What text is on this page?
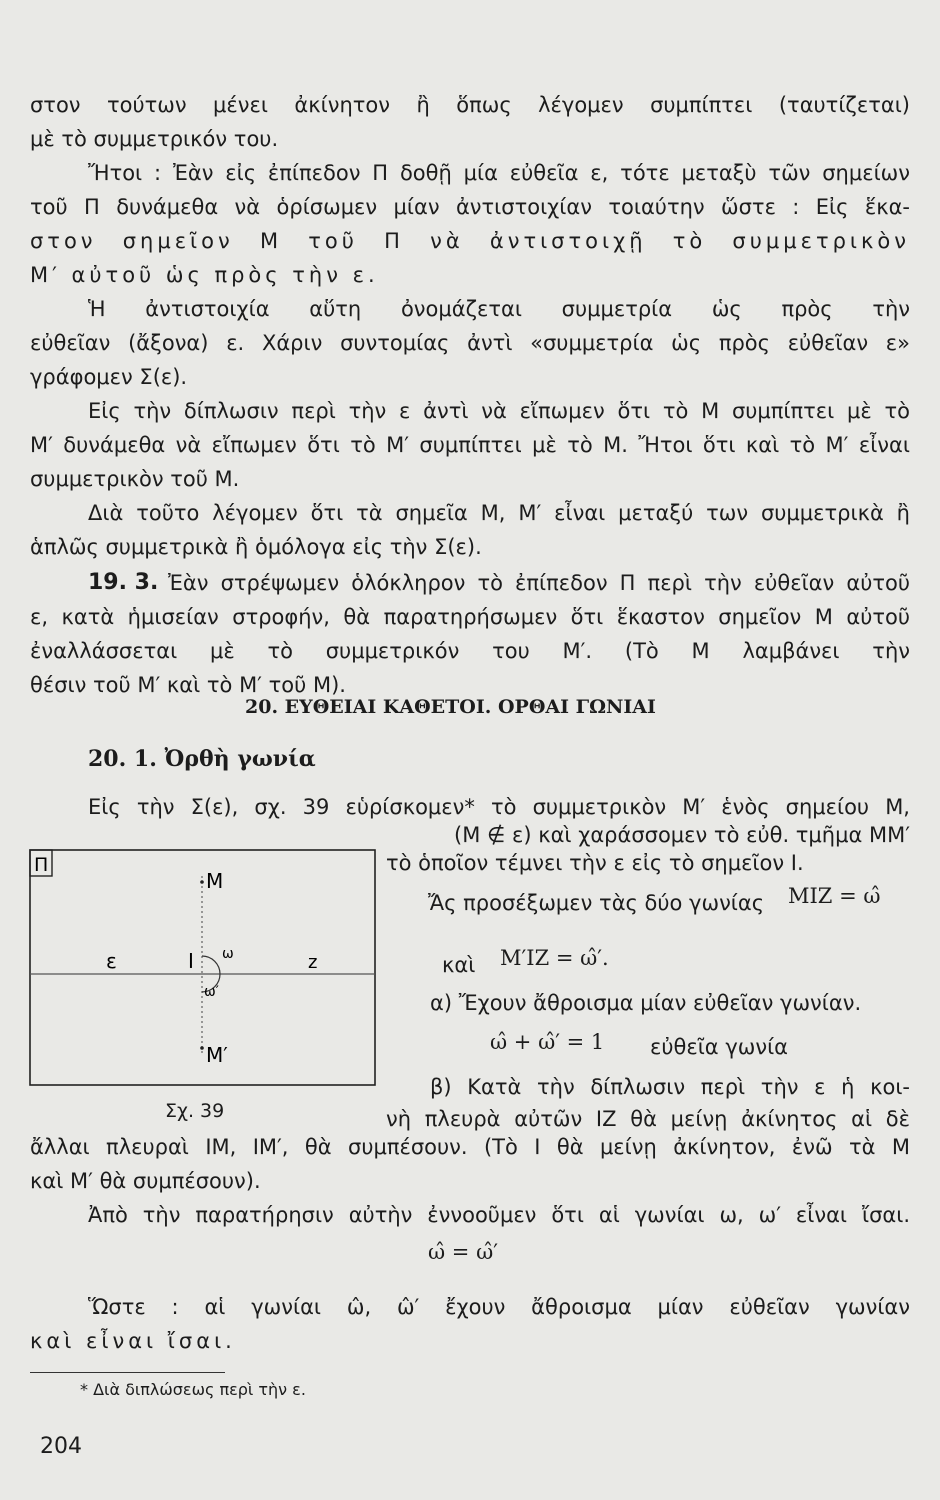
στον τούτων μένει ἀκίνητον ἢ ὅπως λέγομεν συμπίπτει (ταυτίζεται)
μὲ τὸ συμμετρικόν του.
Ἤτοι : Ἐὰν εἰς ἐπίπεδον Π δοθῇ μία εὐθεῖα ε, τότε μεταξὺ τῶν σημείων
τοῦ Π δυνάμεθα νὰ ὁρίσωμεν μίαν ἀντιστοιχίαν τοιαύτην ὥστε : Εἰς ἕκα-
στον σημεῖον Μ τοῦ Π νὰ ἀντιστοιχῇ τὸ συμμετρικὸν
Μ′ αὐτοῦ ὡς πρὸς τὴν ε.
Ἡ ἀντιστοιχία αὕτη ὀνομάζεται συμμετρία ὡς πρὸς τὴν
εὐθεῖαν (ἄξονα) ε. Χάριν συντομίας ἀντὶ «συμμετρία ὡς πρὸς εὐθεῖαν ε»
γράφομεν Σ(ε).
Εἰς τὴν δίπλωσιν περὶ τὴν ε ἀντὶ νὰ εἴπωμεν ὅτι τὸ Μ συμπίπτει μὲ τὸ
Μ′ δυνάμεθα νὰ εἴπωμεν ὅτι τὸ Μ′ συμπίπτει μὲ τὸ Μ. Ἤτοι ὅτι καὶ τὸ Μ′ εἶναι
συμμετρικὸν τοῦ Μ.
Διὰ τοῦτο λέγομεν ὅτι τὰ σημεῖα Μ, Μ′ εἶναι μεταξύ των συμμετρικὰ ἢ
ἁπλῶς συμμετρικὰ ἢ ὁμόλογα εἰς τὴν Σ(ε).
19. 3. Ἐὰν στρέψωμεν ὁλόκληρον τὸ ἐπίπεδον Π περὶ τὴν εὐθεῖαν αὐτοῦ
ε, κατὰ ἡμισείαν στροφήν, θὰ παρατηρήσωμεν ὅτι ἕκαστον σημεῖον Μ αὐτοῦ
ἐναλλάσσεται μὲ τὸ συμμετρικόν του Μ′. (Τὸ Μ λαμβάνει τὴν
θέσιν τοῦ Μ′ καὶ τὸ Μ′ τοῦ Μ).
20. ΕΥΘΕΙΑΙ ΚΑΘΕΤΟΙ. ΟΡΘΑΙ ΓΩΝΙΑΙ
20. 1. Ὀρθὴ γωνία
Εἰς τὴν Σ(ε), σχ. 39 εὑρίσκομεν* τὸ συμμετρικὸν Μ′ ἑνὸς σημείου Μ,
(Μ ∉ ε) καὶ χαράσσομεν τὸ εὐθ. τμῆμα ΜΜ′
τὸ ὁποῖον τέμνει τὴν ε εἰς τὸ σημεῖον Ι.
Π
Μ
ε	Ι	z
ω
ω′
Μ′
Σχ. 39
Ἄς προσέξωμεν τὰς δύο γωνίας ΜΙΖ = ω̂
καὶ Μ′ΙΖ = ω̂′.
α) Ἔχουν ἄθροισμα μίαν εὐθεῖαν γωνίαν.
ω̂ + ω̂′ = 1 εὐθεῖα γωνία
β) Κατὰ τὴν δίπλωσιν περὶ τὴν ε ἡ κοι-
νὴ πλευρὰ αὐτῶν ΙΖ θὰ μείνῃ ἀκίνητος αἱ δὲ
ἄλλαι πλευραὶ ΙΜ, ΙΜ′, θὰ συμπέσουν. (Τὸ Ι θὰ μείνῃ ἀκίνητον, ἐνῶ τὰ Μ
καὶ Μ′ θὰ συμπέσουν).
Ἀπὸ τὴν παρατήρησιν αὐτὴν ἐννοοῦμεν ὅτι αἱ γωνίαι ω, ω′ εἶναι ἴσαι.
ω̂ = ω̂′
Ὥστε : αἱ γωνίαι ω̂, ω̂′ ἔχουν ἄθροισμα μίαν εὐθεῖαν γωνίαν
καὶ εἶναι ἴσαι.
* Διὰ διπλώσεως περὶ τὴν ε.
204
